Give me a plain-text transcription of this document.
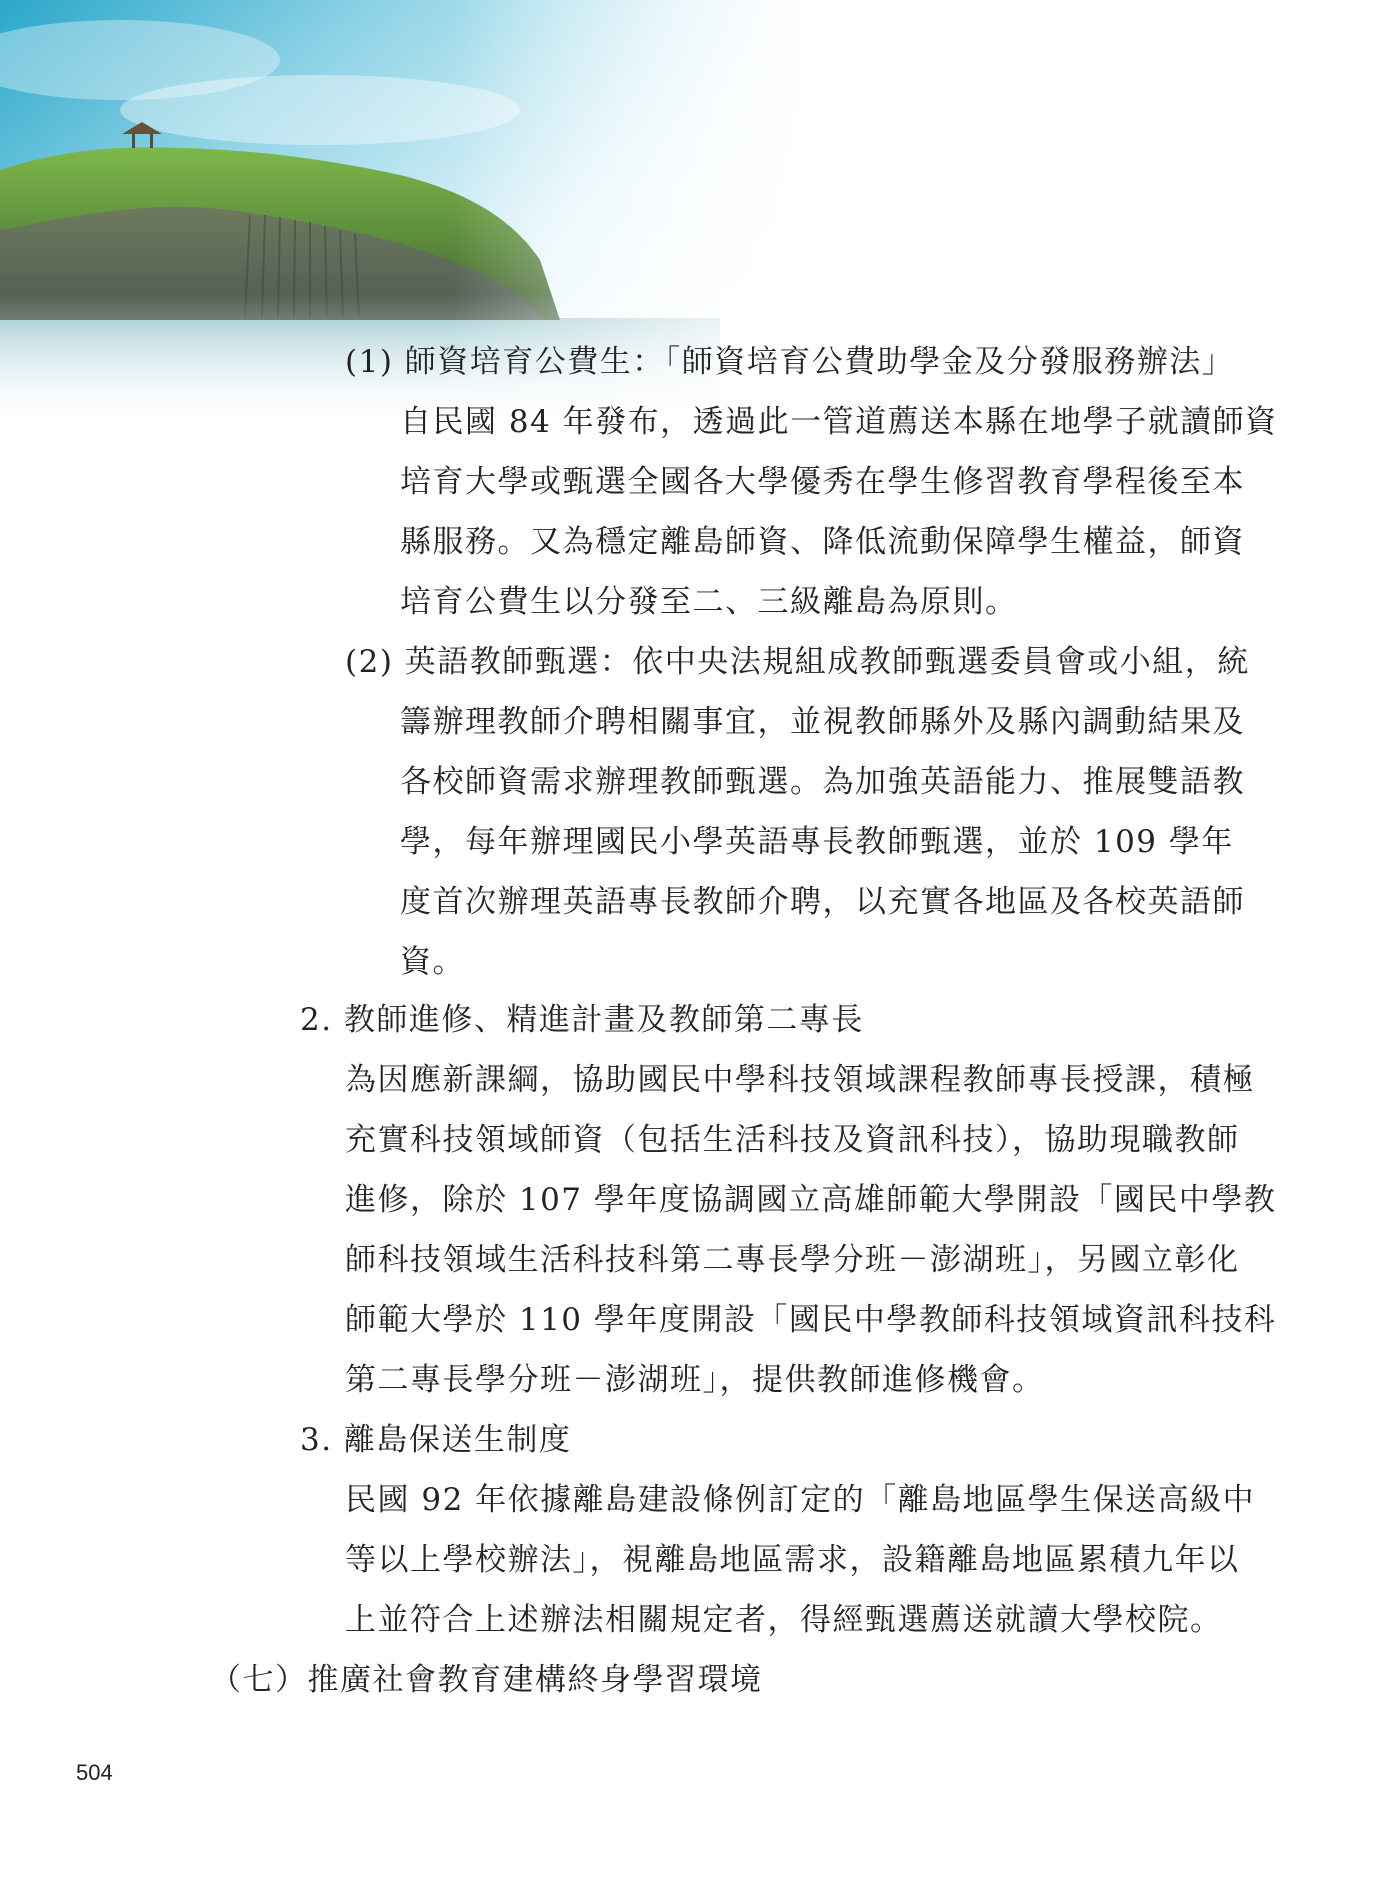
(1) 師資培育公費生：「師資培育公費助學金及分發服務辦法」
自民國 84 年發布，透過此一管道薦送本縣在地學子就讀師資
培育大學或甄選全國各大學優秀在學生修習教育學程後至本
縣服務。又為穩定離島師資、降低流動保障學生權益，師資
培育公費生以分發至二、三級離島為原則。
(2) 英語教師甄選：依中央法規組成教師甄選委員會或小組，統
籌辦理教師介聘相關事宜，並視教師縣外及縣內調動結果及
各校師資需求辦理教師甄選。為加強英語能力、推展雙語教
學，每年辦理國民小學英語專長教師甄選，並於 109 學年
度首次辦理英語專長教師介聘，以充實各地區及各校英語師
資。
2. 教師進修、精進計畫及教師第二專長
為因應新課綱，協助國民中學科技領域課程教師專長授課，積極
充實科技領域師資（包括生活科技及資訊科技），協助現職教師
進修，除於 107 學年度協調國立高雄師範大學開設「國民中學教
師科技領域生活科技科第二專長學分班－澎湖班」，另國立彰化
師範大學於 110 學年度開設「國民中學教師科技領域資訊科技科
第二專長學分班－澎湖班」，提供教師進修機會。
3. 離島保送生制度
民國 92 年依據離島建設條例訂定的「離島地區學生保送高級中
等以上學校辦法」，視離島地區需求，設籍離島地區累積九年以
上並符合上述辦法相關規定者，得經甄選薦送就讀大學校院。
（七）推廣社會教育建構終身學習環境
504
